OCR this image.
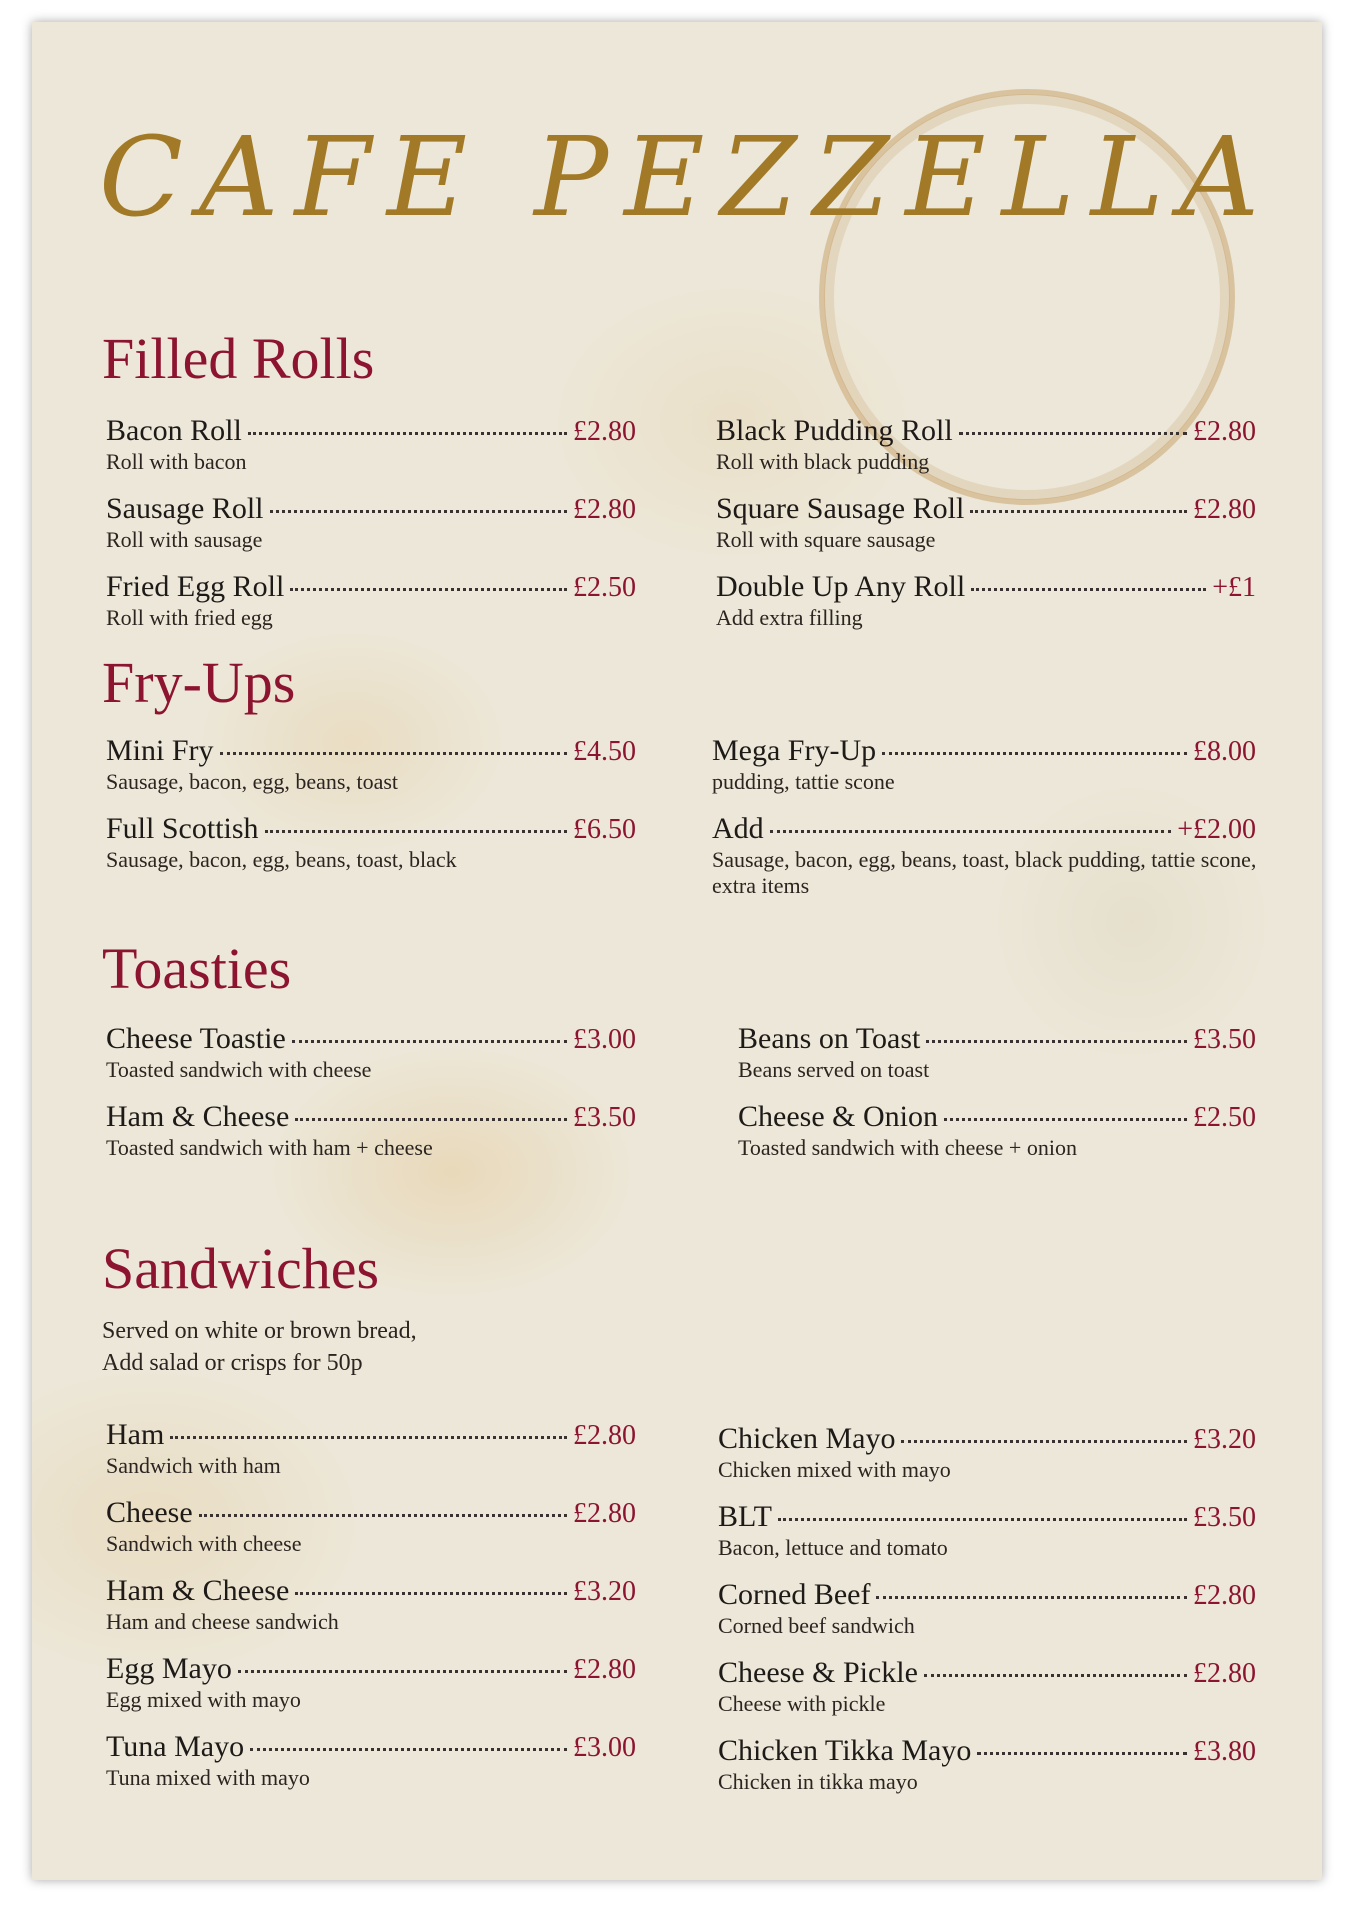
CAFE PEZZELLA
Filled Rolls
Bacon Roll	£2.80
Roll with bacon
Sausage Roll	£2.80
Roll with sausage
Fried Egg Roll	£2.50
Roll with fried egg
Black Pudding Roll	£2.80
Roll with black pudding
Square Sausage Roll	£2.80
Roll with square sausage
Double Up Any Roll	+£1
Add extra filling
Fry-Ups
Mini Fry	£4.50
Sausage, bacon, egg, beans, toast
Full Scottish	£6.50
Sausage, bacon, egg, beans, toast, black
Mega Fry-Up	£8.00
pudding, tattie scone
Add	+£2.00
Sausage, bacon, egg, beans, toast, black pudding, tattie scone, extra items
Toasties
Cheese Toastie	£3.00
Toasted sandwich with cheese
Ham & Cheese	£3.50
Toasted sandwich with ham + cheese
Beans on Toast	£3.50
Beans served on toast
Cheese & Onion	£2.50
Toasted sandwich with cheese + onion
Sandwiches
Served on white or brown bread,
Add salad or crisps for 50p
Ham	£2.80
Sandwich with ham
Cheese	£2.80
Sandwich with cheese
Ham & Cheese	£3.20
Ham and cheese sandwich
Egg Mayo	£2.80
Egg mixed with mayo
Tuna Mayo	£3.00
Tuna mixed with mayo
Chicken Mayo	£3.20
Chicken mixed with mayo
BLT	£3.50
Bacon, lettuce and tomato
Corned Beef	£2.80
Corned beef sandwich
Cheese & Pickle	£2.80
Cheese with pickle
Chicken Tikka Mayo	£3.80
Chicken in tikka mayo
